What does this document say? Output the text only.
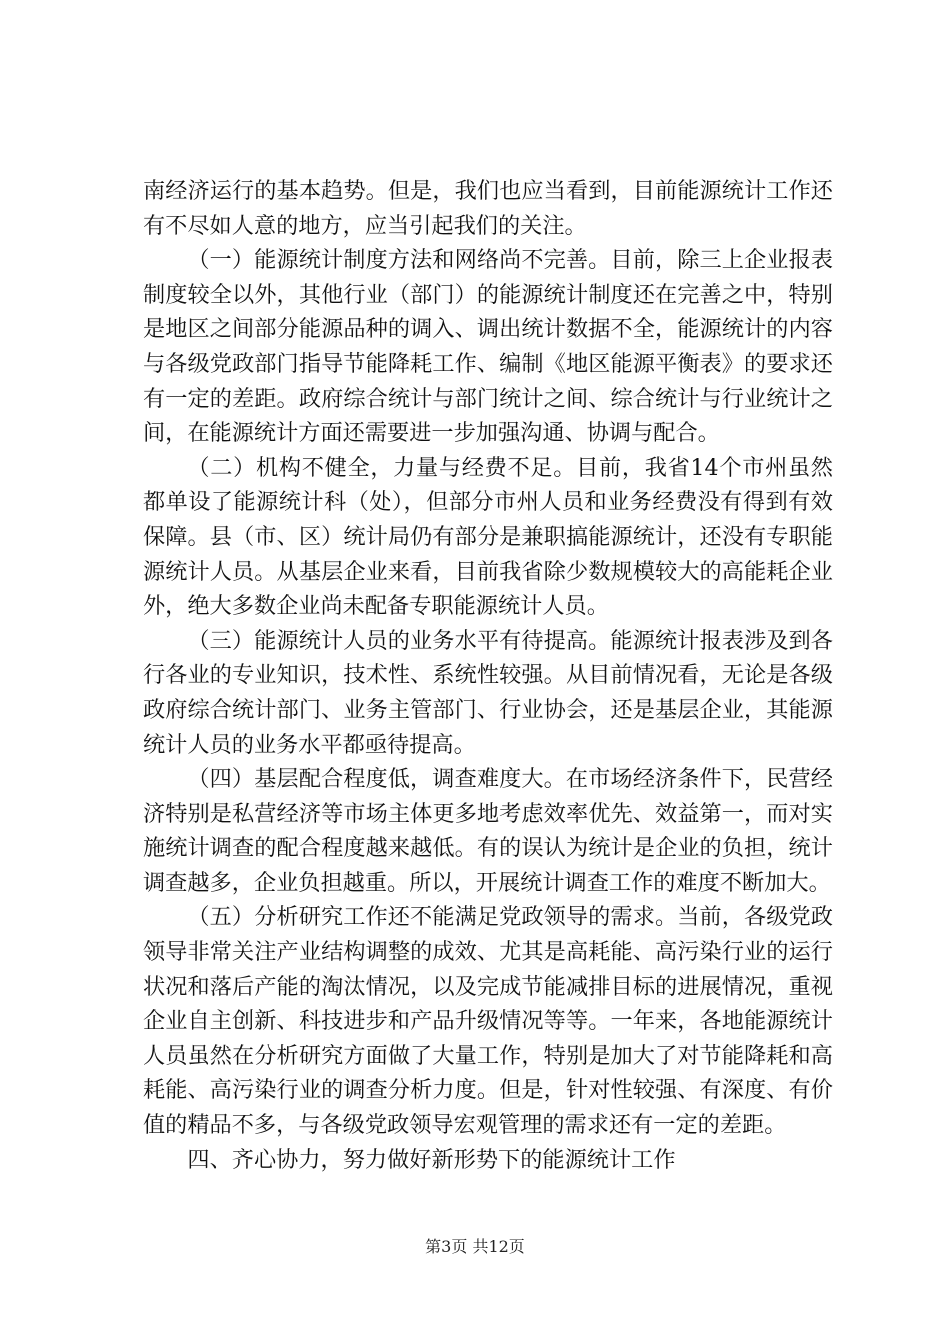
南经济运行的基本趋势。但是，我们也应当看到，目前能源统计工作还有不尽如人意的地方，应当引起我们的关注。

（一）能源统计制度方法和网络尚不完善。目前，除三上企业报表制度较全以外，其他行业（部门）的能源统计制度还在完善之中，特别是地区之间部分能源品种的调入、调出统计数据不全，能源统计的内容与各级党政部门指导节能降耗工作、编制《地区能源平衡表》的要求还有一定的差距。政府综合统计与部门统计之间、综合统计与行业统计之间，在能源统计方面还需要进一步加强沟通、协调与配合。

（二）机构不健全，力量与经费不足。目前，我省14个市州虽然都单设了能源统计科（处），但部分市州人员和业务经费没有得到有效保障。县（市、区）统计局仍有部分是兼职搞能源统计，还没有专职能源统计人员。从基层企业来看，目前我省除少数规模较大的高能耗企业外，绝大多数企业尚未配备专职能源统计人员。

（三）能源统计人员的业务水平有待提高。能源统计报表涉及到各行各业的专业知识，技术性、系统性较强。从目前情况看，无论是各级政府综合统计部门、业务主管部门、行业协会，还是基层企业，其能源统计人员的业务水平都亟待提高。

（四）基层配合程度低，调查难度大。在市场经济条件下，民营经济特别是私营经济等市场主体更多地考虑效率优先、效益第一，而对实施统计调查的配合程度越来越低。有的误认为统计是企业的负担，统计调查越多，企业负担越重。所以，开展统计调查工作的难度不断加大。

（五）分析研究工作还不能满足党政领导的需求。当前，各级党政领导非常关注产业结构调整的成效、尤其是高耗能、高污染行业的运行状况和落后产能的淘汰情况，以及完成节能减排目标的进展情况，重视企业自主创新、科技进步和产品升级情况等等。一年来，各地能源统计人员虽然在分析研究方面做了大量工作，特别是加大了对节能降耗和高耗能、高污染行业的调查分析力度。但是，针对性较强、有深度、有价值的精品不多，与各级党政领导宏观管理的需求还有一定的差距。

四、齐心协力，努力做好新形势下的能源统计工作

第3页 共12页
